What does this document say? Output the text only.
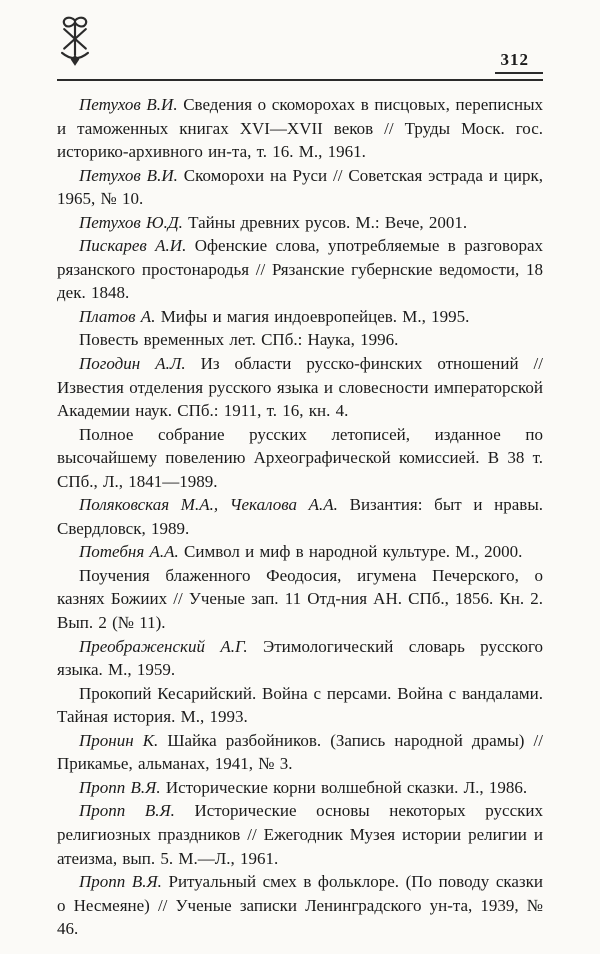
312

Петухов В.И. Сведения о скоморохах в писцовых, переписных и таможенных книгах XVI—XVII веков // Труды Моск. гос. историко-архивного ин-та, т. 16. М., 1961.

Петухов В.И. Скоморохи на Руси // Советская эстрада и цирк, 1965, № 10.

Петухов Ю.Д. Тайны древних русов. М.: Вече, 2001.

Пискарев А.И. Офенские слова, употребляемые в разговорах рязанского простонародья // Рязанские губернские ведомости, 18 дек. 1848.

Платов А. Мифы и магия индоевропейцев. М., 1995.

Повесть временных лет. СПб.: Наука, 1996.

Погодин А.Л. Из области русско-финских отношений // Известия отделения русского языка и словесности императорской Академии наук. СПб.: 1911, т. 16, кн. 4.

Полное собрание русских летописей, изданное по высочайшему повелению Археографической комиссией. В 38 т. СПб., Л., 1841—1989.

Поляковская М.А., Чекалова А.А. Византия: быт и нравы. Свердловск, 1989.

Потебня А.А. Символ и миф в народной культуре. М., 2000.

Поучения блаженного Феодосия, игумена Печерского, о казнях Божиих // Ученые зап. 11 Отд-ния АН. СПб., 1856. Кн. 2. Вып. 2 (№ 11).

Преображенский А.Г. Этимологический словарь русского языка. М., 1959.

Прокопий Кесарийский. Война с персами. Война с вандалами. Тайная история. М., 1993.

Пронин К. Шайка разбойников. (Запись народной драмы) // Прикамье, альманах, 1941, № 3.

Пропп В.Я. Исторические корни волшебной сказки. Л., 1986.

Пропп В.Я. Исторические основы некоторых русских религиозных праздников // Ежегодник Музея истории религии и атеизма, вып. 5. М.—Л., 1961.

Пропп В.Я. Ритуальный смех в фольклоре. (По поводу сказки о Несмеяне) // Ученые записки Ленинградского ун-та, 1939, № 46.
